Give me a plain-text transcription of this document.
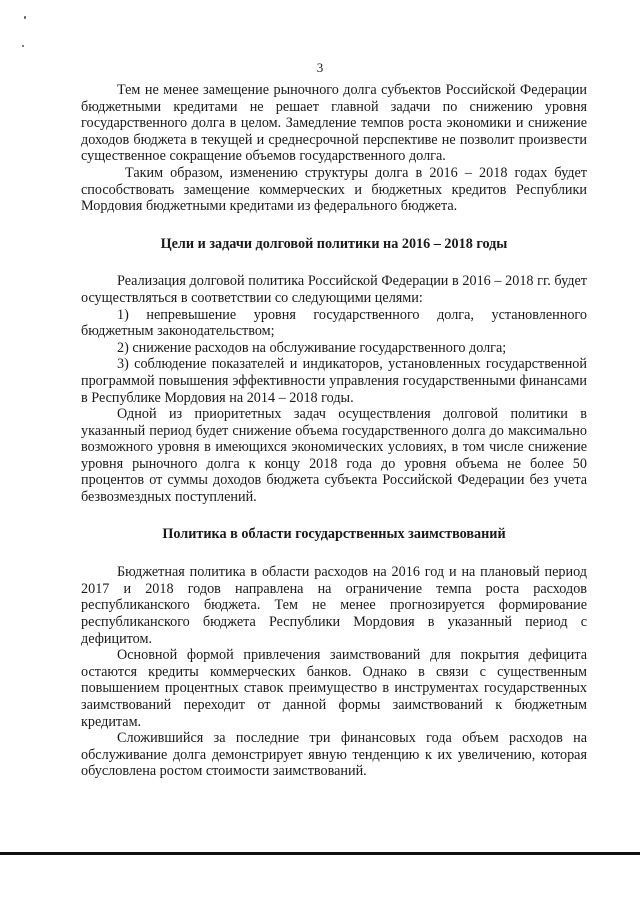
3

Тем не менее замещение рыночного долга субъектов Российской Федерации бюджетными кредитами не решает главной задачи по снижению уровня государственного долга в целом. Замедление темпов роста экономики и снижение доходов бюджета в текущей и среднесрочной перспективе не позволит произвести существенное сокращение объемов государственного долга.

Таким образом, изменению структуры долга в 2016 – 2018 годах будет способствовать замещение коммерческих и бюджетных кредитов Республики Мордовия бюджетными кредитами из федерального бюджета.

Цели и задачи долговой политики на 2016 – 2018 годы

Реализация долговой политика Российской Федерации в 2016 – 2018 гг. будет осуществляться в соответствии со следующими целями:

1) непревышение уровня государственного долга, установленного бюджетным законодательством;

2) снижение расходов на обслуживание государственного долга;

3) соблюдение показателей и индикаторов, установленных государственной программой повышения эффективности управления государственными финансами в Республике Мордовия на 2014 – 2018 годы.

Одной из приоритетных задач осуществления долговой политики в указанный период будет снижение объема государственного долга до максимально возможного уровня в имеющихся экономических условиях, в том числе снижение уровня рыночного долга к концу 2018 года до уровня объема не более 50 процентов от суммы доходов бюджета субъекта Российской Федерации без учета безвозмездных поступлений.

Политика в области государственных заимствований

Бюджетная политика в области расходов на 2016 год и на плановый период 2017 и 2018 годов направлена на ограничение темпа роста расходов республиканского бюджета. Тем не менее прогнозируется формирование республиканского бюджета Республики Мордовия в указанный период с дефицитом.

Основной формой привлечения заимствований для покрытия дефицита остаются кредиты коммерческих банков. Однако в связи с существенным повышением процентных ставок преимущество в инструментах государственных заимствований переходит от данной формы заимствований к бюджетным кредитам.

Сложившийся за последние три финансовых года объем расходов на обслуживание долга демонстрирует явную тенденцию к их увеличению, которая обусловлена ростом стоимости заимствований.
